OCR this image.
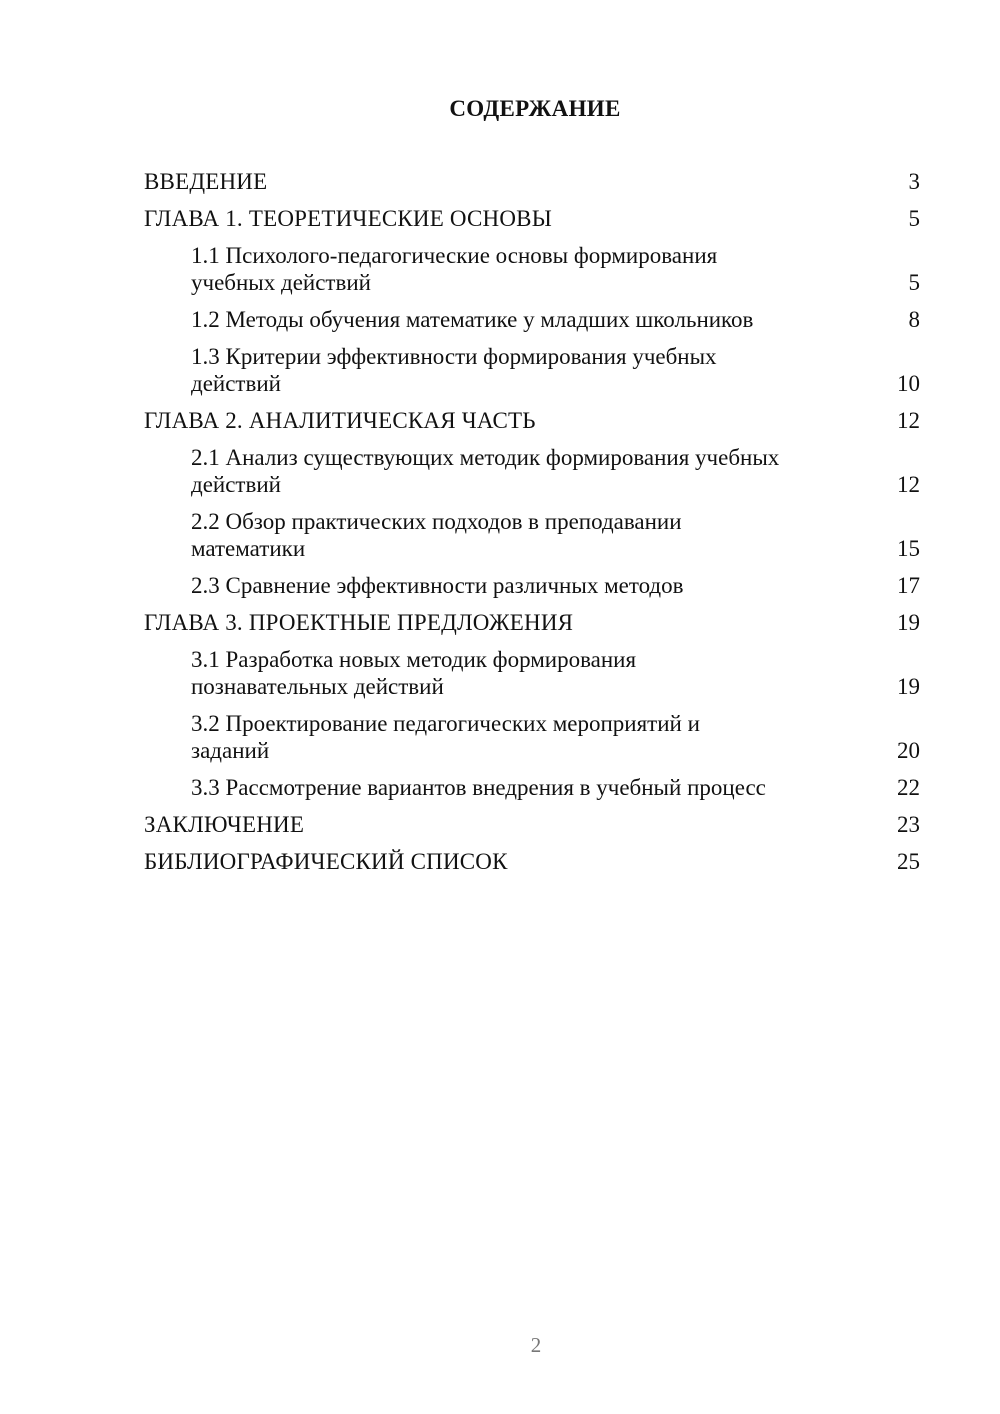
СОДЕРЖАНИЕ
ВВЕДЕНИЕ	3
ГЛАВА 1. ТЕОРЕТИЧЕСКИЕ ОСНОВЫ	5
1.1 Психолого-педагогические основы формирования учебных действий	5
1.2 Методы обучения математике у младших школьников	8
1.3 Критерии эффективности формирования учебных действий	10
ГЛАВА 2. АНАЛИТИЧЕСКАЯ ЧАСТЬ	12
2.1 Анализ существующих методик формирования учебных действий	12
2.2 Обзор практических подходов в преподавании математики	15
2.3 Сравнение эффективности различных методов	17
ГЛАВА 3. ПРОЕКТНЫЕ ПРЕДЛОЖЕНИЯ	19
3.1 Разработка новых методик формирования познавательных действий	19
3.2 Проектирование педагогических мероприятий и заданий	20
3.3 Рассмотрение вариантов внедрения в учебный процесс	22
ЗАКЛЮЧЕНИЕ	23
БИБЛИОГРАФИЧЕСКИЙ СПИСОК	25
2
